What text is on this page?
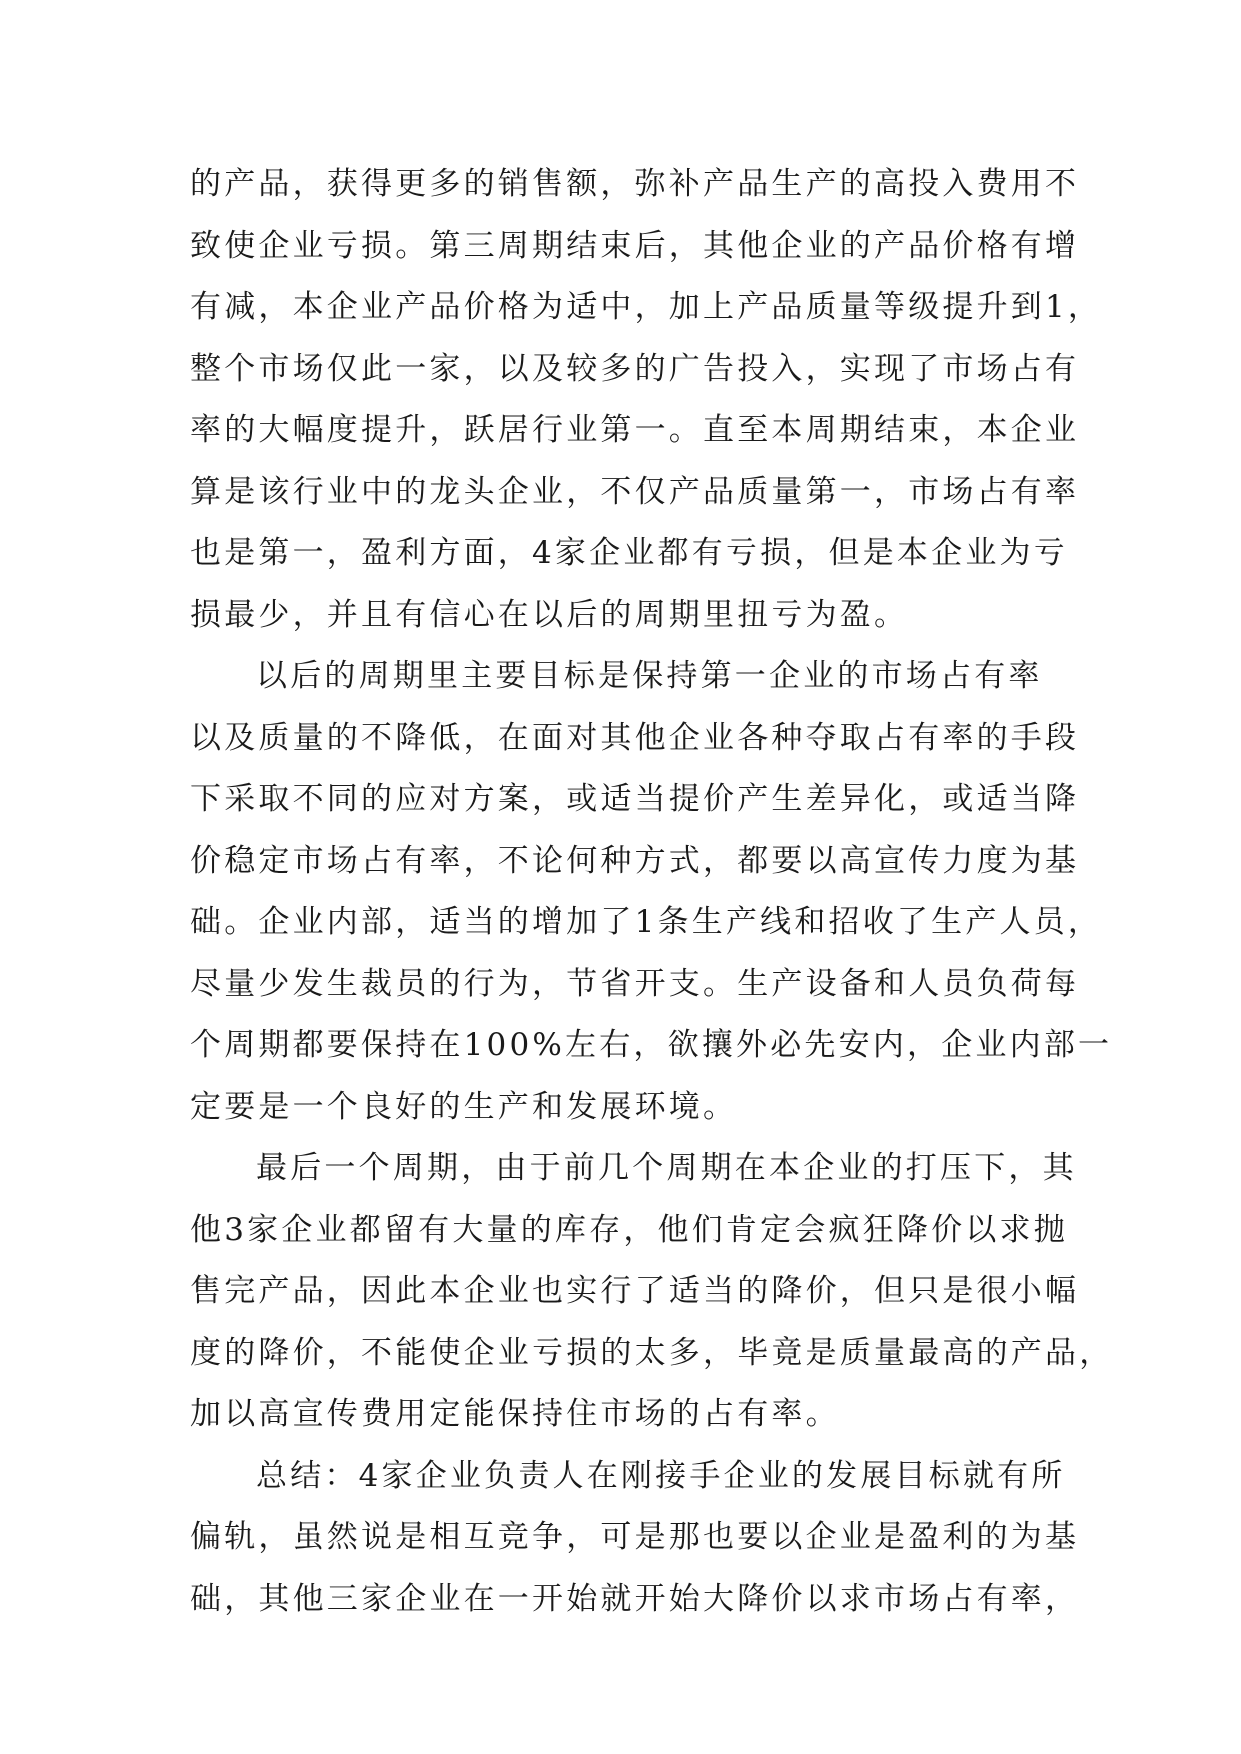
的产品，获得更多的销售额，弥补产品生产的高投入费用不
致使企业亏损。第三周期结束后，其他企业的产品价格有增
有减，本企业产品价格为适中，加上产品质量等级提升到1，
整个市场仅此一家，以及较多的广告投入，实现了市场占有
率的大幅度提升，跃居行业第一。直至本周期结束，本企业
算是该行业中的龙头企业，不仅产品质量第一，市场占有率
也是第一，盈利方面，4家企业都有亏损，但是本企业为亏
损最少，并且有信心在以后的周期里扭亏为盈。
以后的周期里主要目标是保持第一企业的市场占有率
以及质量的不降低，在面对其他企业各种夺取占有率的手段
下采取不同的应对方案，或适当提价产生差异化，或适当降
价稳定市场占有率，不论何种方式，都要以高宣传力度为基
础。企业内部，适当的增加了1条生产线和招收了生产人员，
尽量少发生裁员的行为，节省开支。生产设备和人员负荷每
个周期都要保持在100%左右，欲攘外必先安内，企业内部一
定要是一个良好的生产和发展环境。
最后一个周期，由于前几个周期在本企业的打压下，其
他3家企业都留有大量的库存，他们肯定会疯狂降价以求抛
售完产品，因此本企业也实行了适当的降价，但只是很小幅
度的降价，不能使企业亏损的太多，毕竟是质量最高的产品，
加以高宣传费用定能保持住市场的占有率。
总结：4家企业负责人在刚接手企业的发展目标就有所
偏轨，虽然说是相互竞争，可是那也要以企业是盈利的为基
础，其他三家企业在一开始就开始大降价以求市场占有率，
